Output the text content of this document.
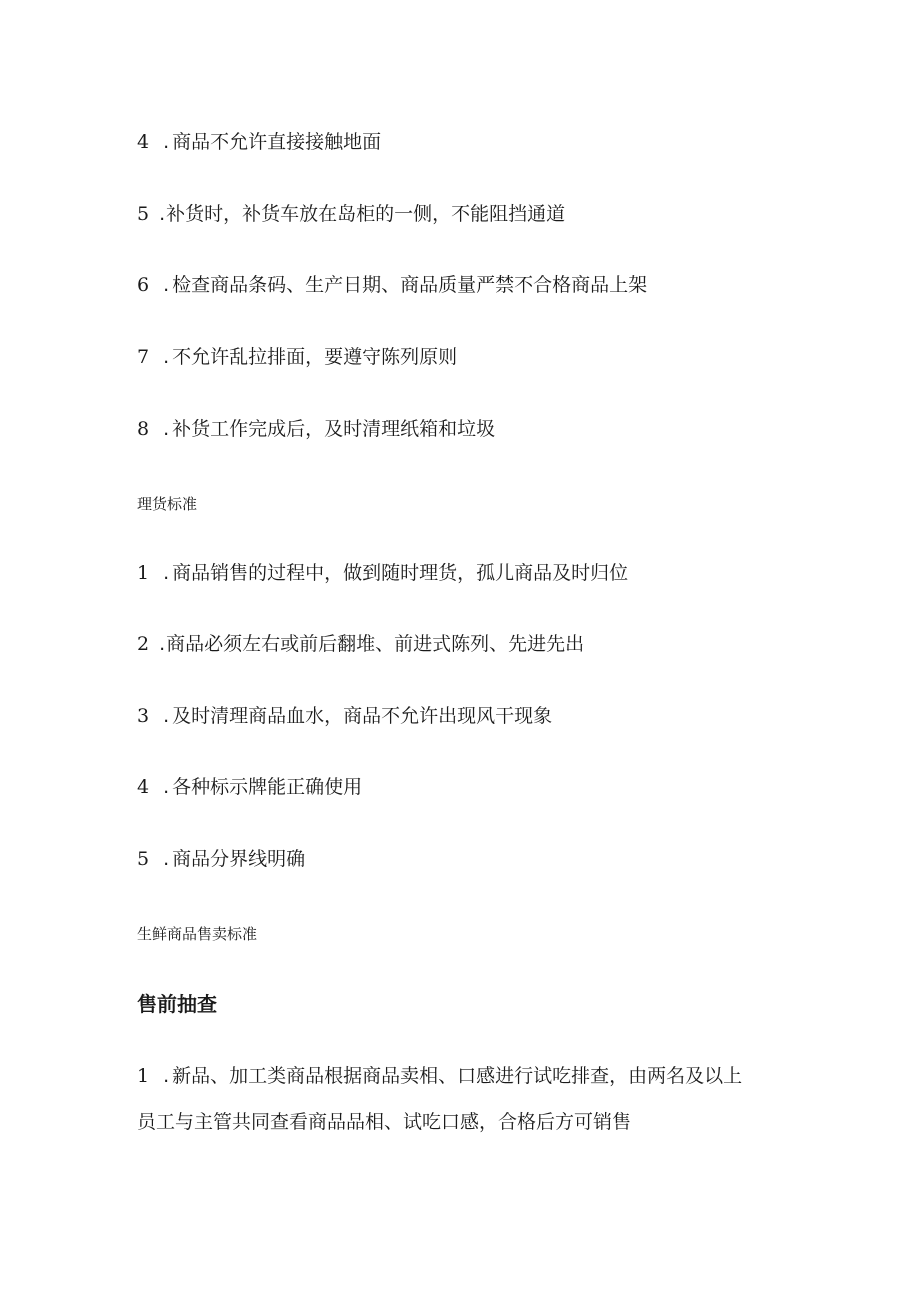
4 . 商品不允许直接接触地面
5 .补货时，补货车放在岛柜的一侧，不能阻挡通道
6 . 检查商品条码、生产日期、商品质量严禁不合格商品上架
7 . 不允许乱拉排面，要遵守陈列原则
8 . 补货工作完成后，及时清理纸箱和垃圾
理货标准
1 . 商品销售的过程中，做到随时理货，孤儿商品及时归位
2 .商品必须左右或前后翻堆、前进式陈列、先进先出
3 . 及时清理商品血水，商品不允许出现风干现象
4 . 各种标示牌能正确使用
5 . 商品分界线明确
生鲜商品售卖标准
售前抽查
1 . 新品、加工类商品根据商品卖相、口感进行试吃排查，由两名及以上
员工与主管共同查看商品品相、试吃口感，合格后方可销售
